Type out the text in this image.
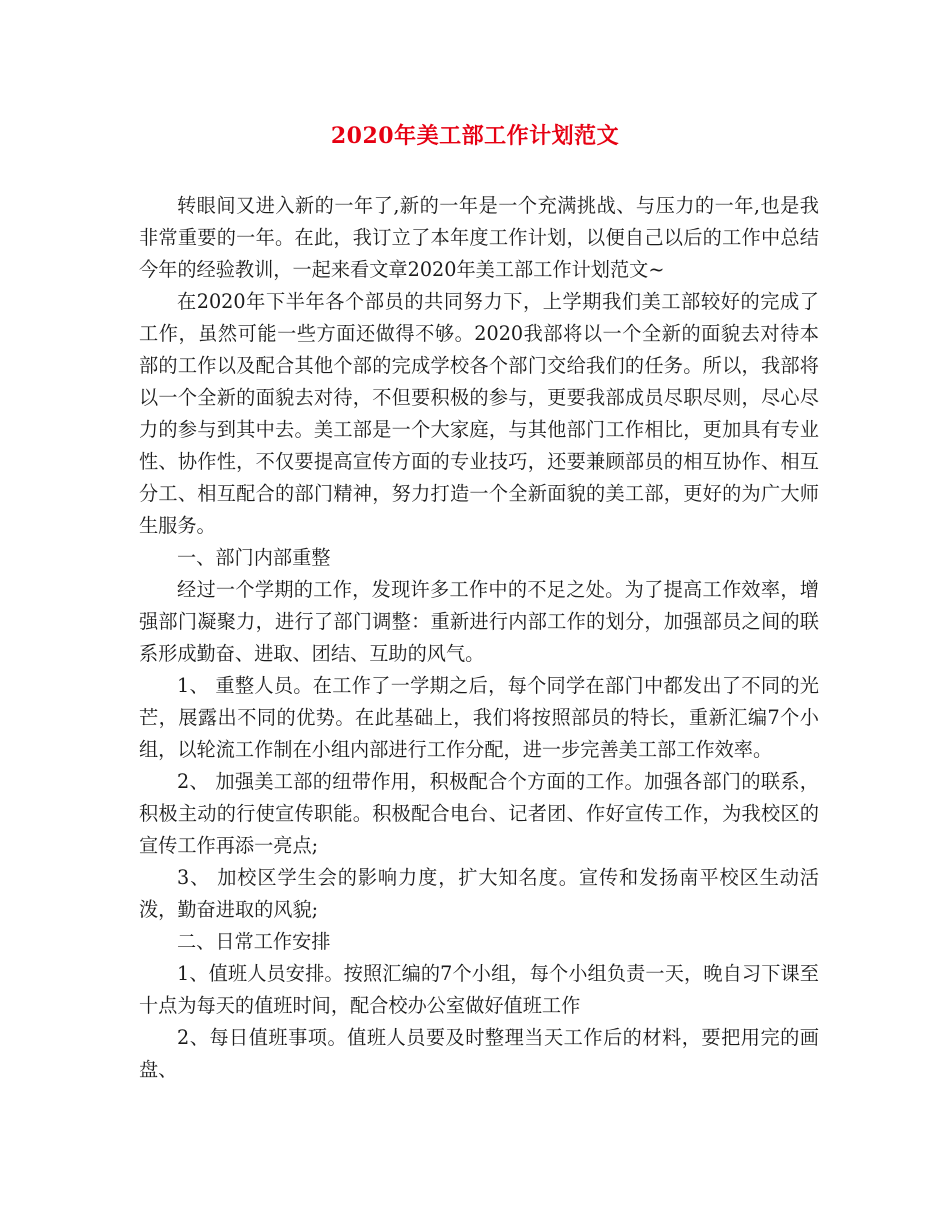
2020年美工部工作计划范文

转眼间又进入新的一年了,新的一年是一个充满挑战、与压力的一年,也是我非常重要的一年。在此，我订立了本年度工作计划，以便自己以后的工作中总结今年的经验教训，一起来看文章2020年美工部工作计划范文~

在2020年下半年各个部员的共同努力下，上学期我们美工部较好的完成了工作，虽然可能一些方面还做得不够。2020我部将以一个全新的面貌去对待本部的工作以及配合其他个部的完成学校各个部门交给我们的任务。所以，我部将以一个全新的面貌去对待，不但要积极的参与，更要我部成员尽职尽则，尽心尽力的参与到其中去。美工部是一个大家庭，与其他部门工作相比，更加具有专业性、协作性，不仅要提高宣传方面的专业技巧，还要兼顾部员的相互协作、相互分工、相互配合的部门精神，努力打造一个全新面貌的美工部，更好的为广大师生服务。

一、部门内部重整

经过一个学期的工作，发现许多工作中的不足之处。为了提高工作效率，增强部门凝聚力，进行了部门调整：重新进行内部工作的划分，加强部员之间的联系形成勤奋、进取、团结、互助的风气。

1、 重整人员。在工作了一学期之后，每个同学在部门中都发出了不同的光芒，展露出不同的优势。在此基础上，我们将按照部员的特长，重新汇编7个小组，以轮流工作制在小组内部进行工作分配，进一步完善美工部工作效率。

2、 加强美工部的纽带作用，积极配合个方面的工作。加强各部门的联系，积极主动的行使宣传职能。积极配合电台、记者团、作好宣传工作，为我校区的宣传工作再添一亮点;

3、 加校区学生会的影响力度，扩大知名度。宣传和发扬南平校区生动活泼，勤奋进取的风貌;

二、日常工作安排

1、值班人员安排。按照汇编的7个小组，每个小组负责一天，晚自习下课至十点为每天的值班时间，配合校办公室做好值班工作

2、每日值班事项。值班人员要及时整理当天工作后的材料，要把用完的画盘、
